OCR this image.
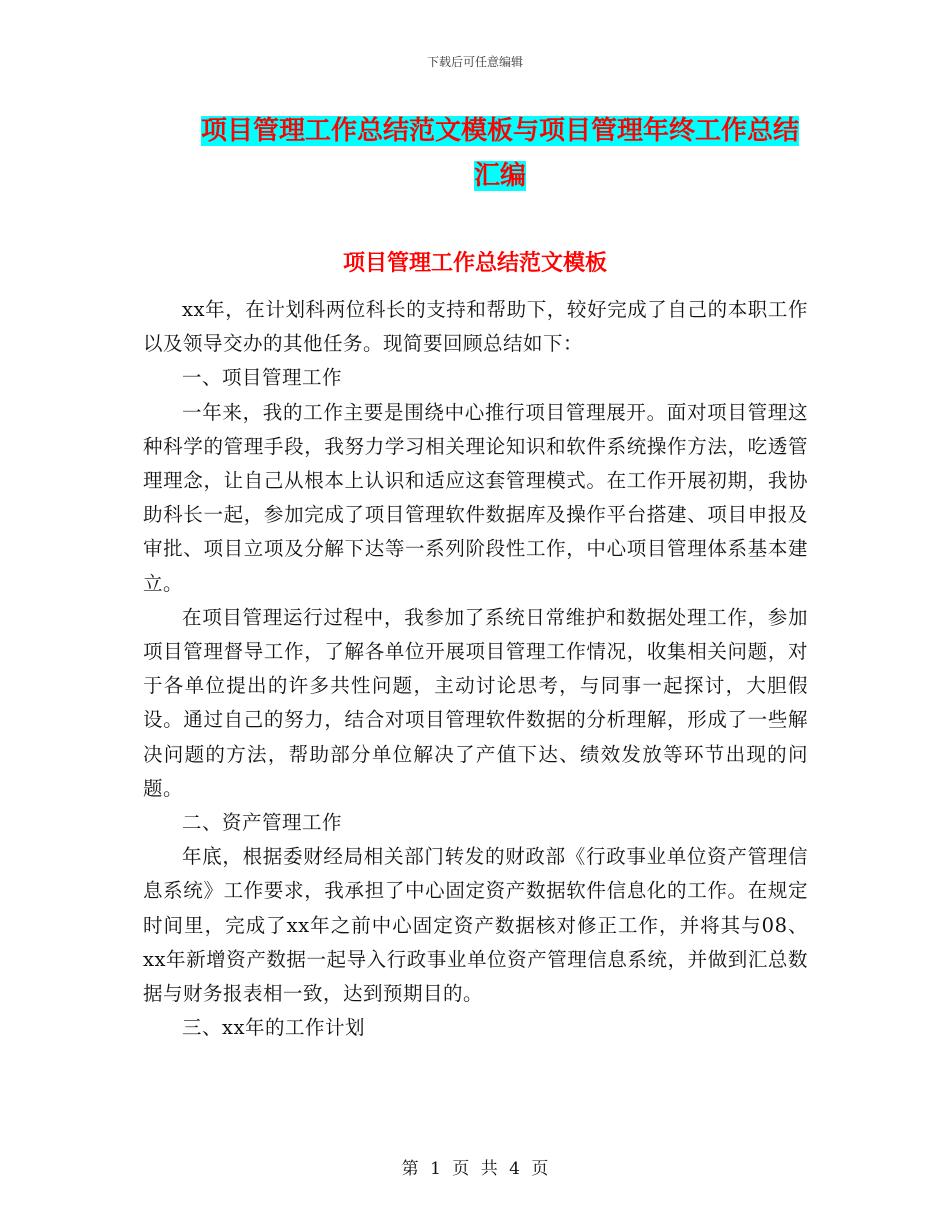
下载后可任意编辑
项目管理工作总结范文模板与项目管理年终工作总结汇编
项目管理工作总结范文模板

xx年，在计划科两位科长的支持和帮助下，较好完成了自己的本职工作以及领导交办的其他任务。现简要回顾总结如下：

一、项目管理工作

一年来，我的工作主要是围绕中心推行项目管理展开。面对项目管理这种科学的管理手段，我努力学习相关理论知识和软件系统操作方法，吃透管理理念，让自己从根本上认识和适应这套管理模式。在工作开展初期，我协助科长一起，参加完成了项目管理软件数据库及操作平台搭建、项目申报及审批、项目立项及分解下达等一系列阶段性工作，中心项目管理体系基本建立。

在项目管理运行过程中，我参加了系统日常维护和数据处理工作，参加项目管理督导工作，了解各单位开展项目管理工作情况，收集相关问题，对于各单位提出的许多共性问题，主动讨论思考，与同事一起探讨，大胆假设。通过自己的努力，结合对项目管理软件数据的分析理解，形成了一些解决问题的方法，帮助部分单位解决了产值下达、绩效发放等环节出现的问题。

二、资产管理工作

年底，根据委财经局相关部门转发的财政部《行政事业单位资产管理信息系统》工作要求，我承担了中心固定资产数据软件信息化的工作。在规定时间里，完成了xx年之前中心固定资产数据核对修正工作，并将其与08、xx年新增资产数据一起导入行政事业单位资产管理信息系统，并做到汇总数据与财务报表相一致，达到预期目的。

三、xx年的工作计划

第 1 页 共 4 页
